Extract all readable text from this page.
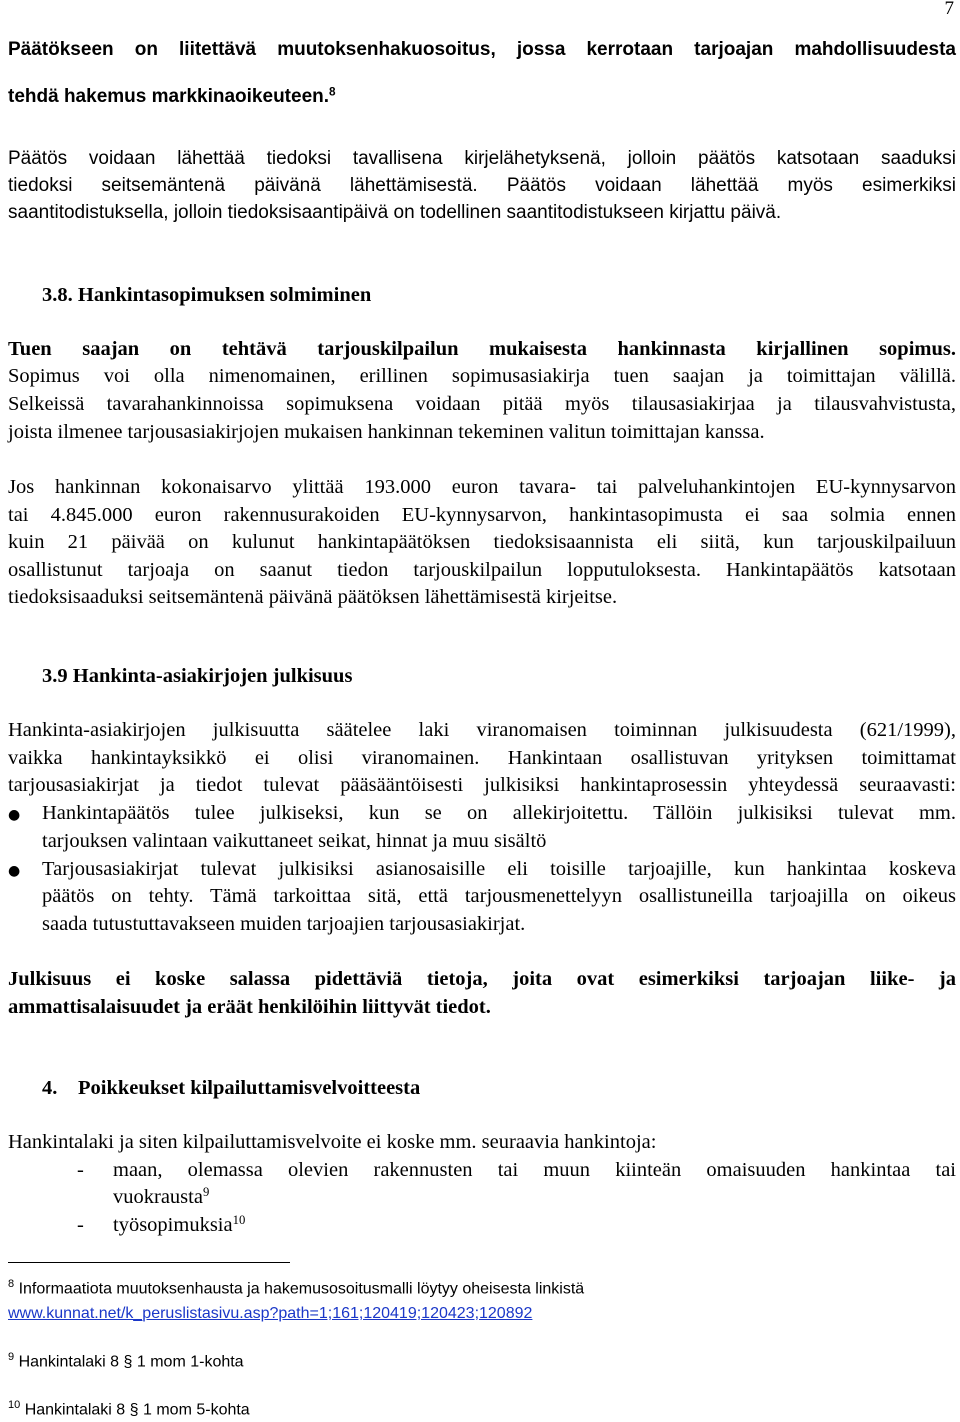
7
Päätökseen on liitettävä muutoksenhakuosoitus, jossa kerrotaan tarjoajan mahdollisuudesta
tehdä hakemus markkinaoikeuteen.$^8$
Päätös voidaan lähettää tiedoksi tavallisena kirjelähetyksenä, jolloin päätös katsotaan saaduksi
tiedoksi seitsemäntenä päivänä lähettämisestä. Päätös voidaan lähettää myös esimerkiksi
saantitodistuksella, jolloin tiedoksisaantipäivä on todellinen saantitodistukseen kirjattu päivä.
3.8. Hankintasopimuksen solmiminen
Tuen saajan on tehtävä tarjouskilpailun mukaisesta hankinnasta kirjallinen sopimus.
Sopimus voi olla nimenomainen, erillinen sopimusasiakirja tuen saajan ja toimittajan välillä.
Selkeissä tavarahankinnoissa sopimuksena voidaan pitää myös tilausasiakirjaa ja tilausvahvistusta,
joista ilmenee tarjousasiakirjojen mukaisen hankinnan tekeminen valitun toimittajan kanssa.
Jos hankinnan kokonaisarvo ylittää 193.000 euron tavara- tai palveluhankintojen EU-kynnysarvon
tai 4.845.000 euron rakennusurakoiden EU-kynnysarvon, hankintasopimusta ei saa solmia ennen
kuin 21 päivää on kulunut hankintapäätöksen tiedoksisaannista eli siitä, kun tarjouskilpailuun
osallistunut tarjoaja on saanut tiedon tarjouskilpailun lopputuloksesta. Hankintapäätös katsotaan
tiedoksisaaduksi seitsemäntenä päivänä päätöksen lähettämisestä kirjeitse.
3.9 Hankinta-asiakirjojen julkisuus
Hankinta-asiakirjojen julkisuutta säätelee laki viranomaisen toiminnan julkisuudesta (621/1999),
vaikka hankintayksikkö ei olisi viranomainen. Hankintaan osallistuvan yrityksen toimittamat
tarjousasiakirjat ja tiedot tulevat pääsääntöisesti julkisiksi hankintaprosessin yhteydessä seuraavasti:
● Hankintapäätös tulee julkiseksi, kun se on allekirjoitettu. Tällöin julkisiksi tulevat mm.
tarjouksen valintaan vaikuttaneet seikat, hinnat ja muu sisältö
● Tarjousasiakirjat tulevat julkisiksi asianosaisille eli toisille tarjoajille, kun hankintaa koskeva
päätös on tehty. Tämä tarkoittaa sitä, että tarjousmenettelyyn osallistuneilla tarjoajilla on oikeus
saada tutustuttavakseen muiden tarjoajien tarjousasiakirjat.
Julkisuus ei koske salassa pidettäviä tietoja, joita ovat esimerkiksi tarjoajan liike- ja
ammattisalaisuudet ja eräät henkilöihin liittyvät tiedot.
4. Poikkeukset kilpailuttamisvelvoitteesta
Hankintalaki ja siten kilpailuttamisvelvoite ei koske mm. seuraavia hankintoja:
- maan, olemassa olevien rakennusten tai muun kiinteän omaisuuden hankintaa tai
vuokrausta$^9$
- työsopimuksia$^{10}$
$^8$ Informaatiota muutoksenhausta ja hakemusosoitusmalli löytyy oheisesta linkistä
www.kunnat.net/k_peruslistasivu.asp?path=1;161;120419;120423;120892
$^9$ Hankintalaki 8 § 1 mom 1-kohta
$^{10}$ Hankintalaki 8 § 1 mom 5-kohta
